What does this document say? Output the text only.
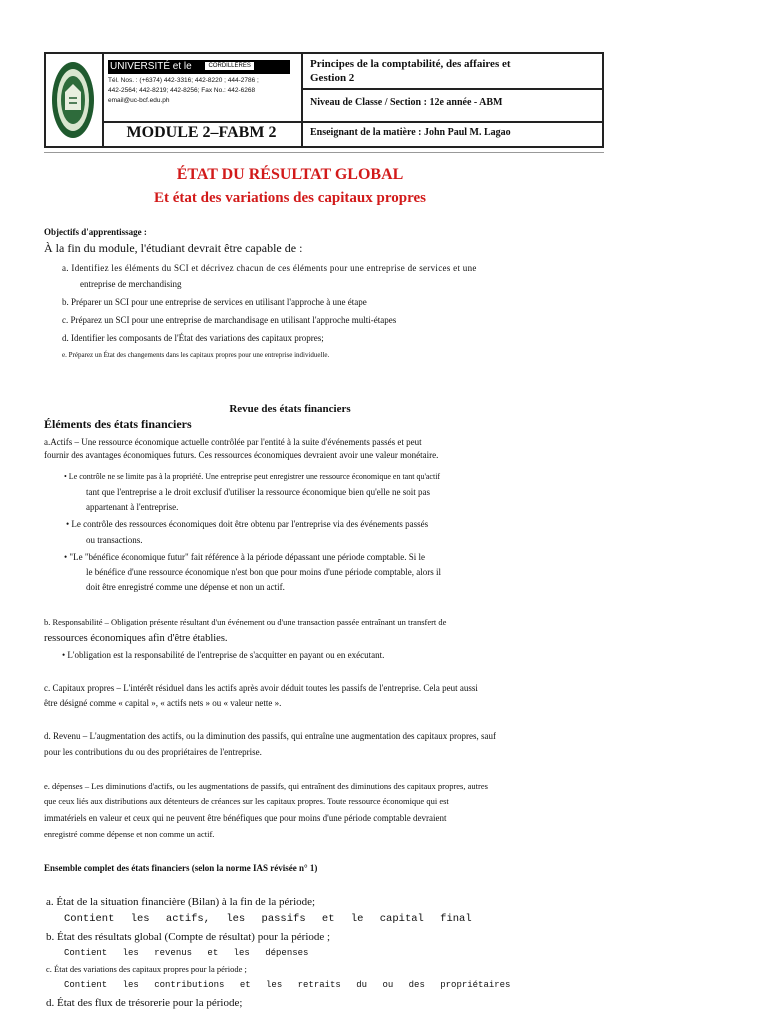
UNIVERSITÉ et le	CORDILLÈRES
Tél. Nos. : (+6374) 442-3316; 442-8220 ; 444-2786 ;
442-2564; 442-8219; 442-8256; Fax No.: 442-6268
email@uc-bcf.edu.ph
MODULE 2–FABM 2
Principes de la comptabilité, des affaires et
Gestion 2
Niveau de Classe / Section : 12e année - ABM
Enseignant de la matière : John Paul M. Lagao
ÉTAT DU RÉSULTAT GLOBAL
Et état des variations des capitaux propres
Objectifs d'apprentissage :
À la fin du module, l'étudiant devrait être capable de :
a. Identifiez les éléments du SCI et décrivez chacun de ces éléments pour une entreprise de services et une
entreprise de merchandising
b. Préparer un SCI pour une entreprise de services en utilisant l'approche à une étape
c. Préparez un SCI pour une entreprise de marchandisage en utilisant l'approche multi-étapes
d. Identifier les composants de l'État des variations des capitaux propres;
e. Préparez un État des changements dans les capitaux propres pour une entreprise individuelle.
Revue des états financiers
Éléments des états financiers
a.Actifs – Une ressource économique actuelle contrôlée par l'entité à la suite d'événements passés et peut
fournir des avantages économiques futurs. Ces ressources économiques devraient avoir une valeur monétaire.
• Le contrôle ne se limite pas à la propriété. Une entreprise peut enregistrer une ressource économique en tant qu'actif
tant que l'entreprise a le droit exclusif d'utiliser la ressource économique bien qu'elle ne soit pas
appartenant à l'entreprise.
• Le contrôle des ressources économiques doit être obtenu par l'entreprise via des événements passés
ou transactions.
• "Le "bénéfice économique futur" fait référence à la période dépassant une période comptable. Si le
le bénéfice d'une ressource économique n'est bon que pour moins d'une période comptable, alors il
doit être enregistré comme une dépense et non un actif.
b. Responsabilité – Obligation présente résultant d'un événement ou d'une transaction passée entraînant un transfert de
ressources économiques afin d'être établies.
• L'obligation est la responsabilité de l'entreprise de s'acquitter en payant ou en exécutant.
c. Capitaux propres – L'intérêt résiduel dans les actifs après avoir déduit toutes les passifs de l'entreprise. Cela peut aussi
être désigné comme « capital », « actifs nets » ou « valeur nette ».
d. Revenu – L'augmentation des actifs, ou la diminution des passifs, qui entraîne une augmentation des capitaux propres, sauf
pour les contributions du ou des propriétaires de l'entreprise.
e. dépenses – Les diminutions d'actifs, ou les augmentations de passifs, qui entraînent des diminutions des capitaux propres, autres
que ceux liés aux distributions aux détenteurs de créances sur les capitaux propres. Toute ressource économique qui est
immatériels en valeur et ceux qui ne peuvent être bénéfiques que pour moins d'une période comptable devraient
enregistré comme dépense et non comme un actif.
Ensemble complet des états financiers (selon la norme IAS révisée n° 1)
a. État de la situation financière (Bilan) à la fin de la période;
Contient les actifs, les passifs et le capital final
b. État des résultats global (Compte de résultat) pour la période ;
Contient les revenus et les dépenses
c. État des variations des capitaux propres pour la période ;
Contient les contributions et les retraits du ou des propriétaires
d. État des flux de trésorerie pour la période;
